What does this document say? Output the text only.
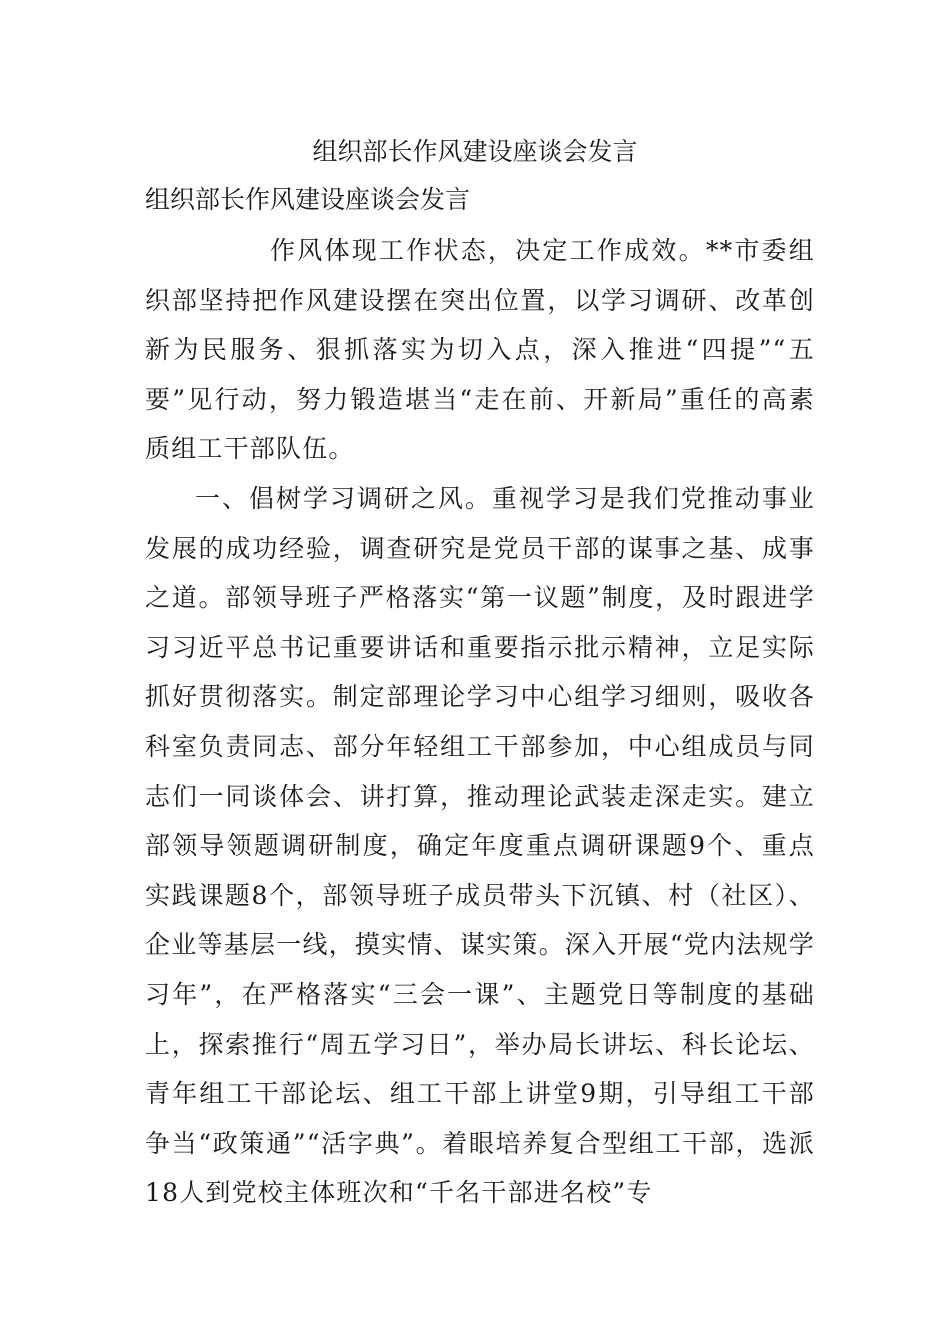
组织部长作风建设座谈会发言
组织部长作风建设座谈会发言

作风体现工作状态，决定工作成效。**市委组织部坚持把作风建设摆在突出位置，以学习调研、改革创新为民服务、狠抓落实为切入点，深入推进“四提”“五要”见行动，努力锻造堪当“走在前、开新局”重任的高素质组工干部队伍。

一、倡树学习调研之风。重视学习是我们党推动事业发展的成功经验，调查研究是党员干部的谋事之基、成事之道。部领导班子严格落实“第一议题”制度，及时跟进学习习近平总书记重要讲话和重要指示批示精神，立足实际抓好贯彻落实。制定部理论学习中心组学习细则，吸收各科室负责同志、部分年轻组工干部参加，中心组成员与同志们一同谈体会、讲打算，推动理论武装走深走实。建立部领导领题调研制度，确定年度重点调研课题9个、重点实践课题8个，部领导班子成员带头下沉镇、村（社区）、企业等基层一线，摸实情、谋实策。深入开展“党内法规学习年”，在严格落实“三会一课”、主题党日等制度的基础上，探索推行“周五学习日”，举办局长讲坛、科长论坛、青年组工干部论坛、组工干部上讲堂9期，引导组工干部争当“政策通”“活字典”。着眼培养复合型组工干部，选派18人到党校主体班次和“千名干部进名校”专
